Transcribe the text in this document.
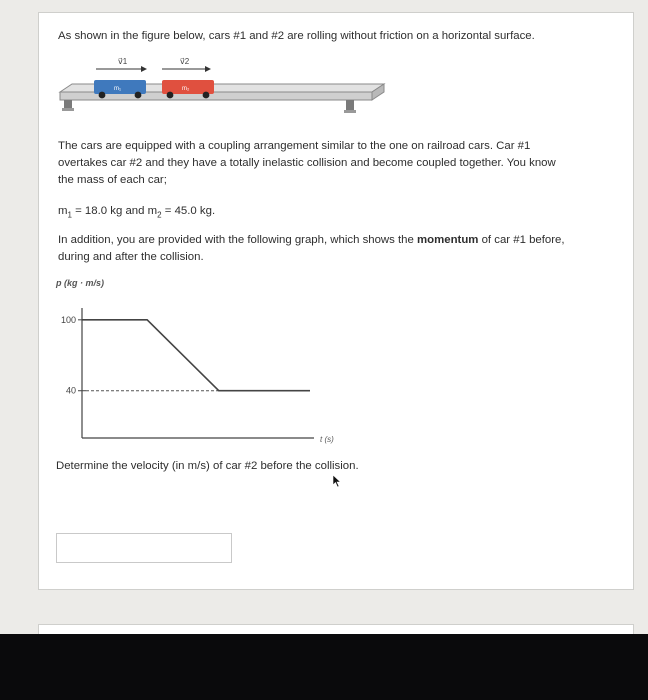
As shown in the figure below, cars #1 and #2 are rolling without friction on a horizontal surface.
v⃗1	v⃗2
m₁	m₂
The cars are equipped with a coupling arrangement similar to the one on railroad cars. Car #1
overtakes car #2 and they have a totally inelastic collision and become coupled together. You know
the mass of each car;
$m_1 = 18.0$ kg and $m_2 = 45.0$ kg.
In addition, you are provided with the following graph, which shows the momentum of car #1 before,
during and after the collision.
p (kg · m/s)
t (s)
100
40
Determine the velocity (in m/s) of car #2 before the collision.
